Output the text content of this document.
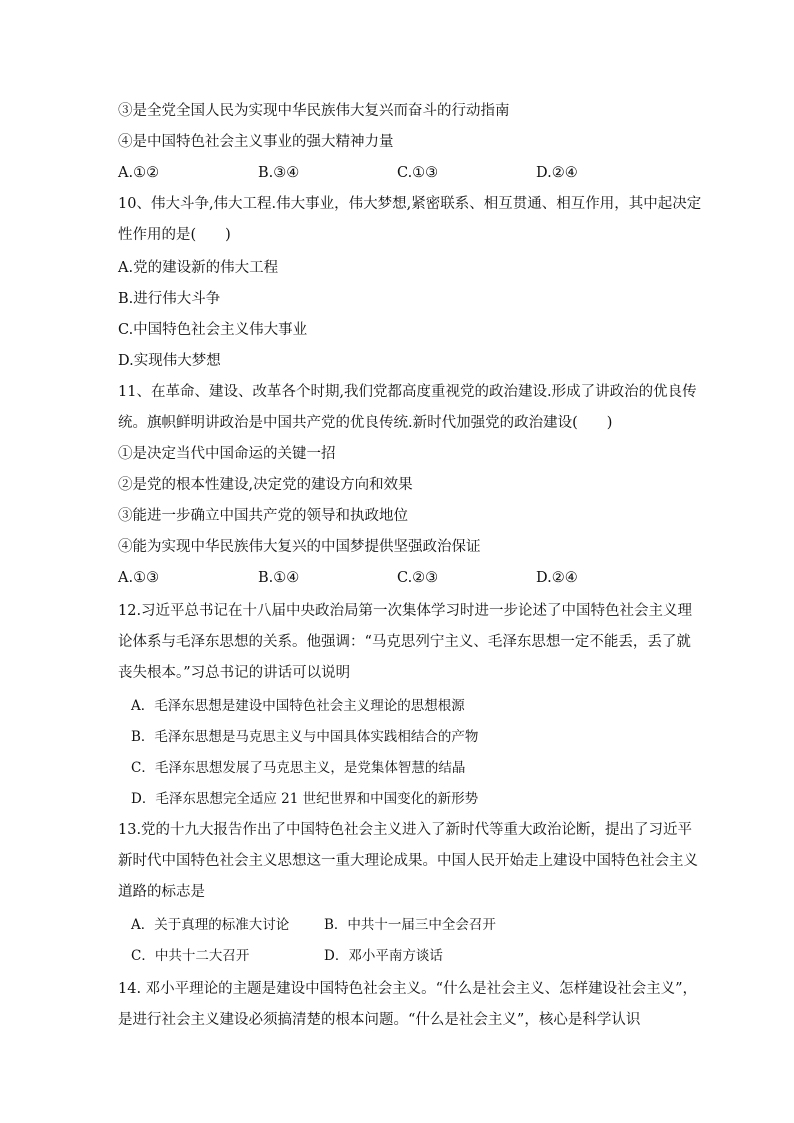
③是全党全国人民为实现中华民族伟大复兴而奋斗的行动指南
④是中国特色社会主义事业的强大精神力量
A.①②	B.③④	C.①③	D.②④
10、伟大斗争,伟大工程.伟大事业，伟大梦想,紧密联系、相互贯通、相互作用，其中起决定
性作用的是(　　)
A.党的建设新的伟大工程
B.进行伟大斗争
C.中国特色社会主义伟大事业
D.实现伟大梦想
11、在革命、建设、改革各个时期,我们党都高度重视党的政治建设.形成了讲政治的优良传
统。旗帜鲜明讲政治是中国共产党的优良传统.新时代加强党的政治建设(　　)
①是决定当代中国命运的关键一招
②是党的根本性建设,决定党的建设方向和效果
③能进一步确立中国共产党的领导和执政地位
④能为实现中华民族伟大复兴的中国梦提供坚强政治保证
A.①③	B.①④	C.②③	D.②④
12.习近平总书记在十八届中央政治局第一次集体学习时进一步论述了中国特色社会主义理
论体系与毛泽东思想的关系。他强调：“马克思列宁主义、毛泽东思想一定不能丢，丢了就
丧失根本。”习总书记的讲话可以说明
A．毛泽东思想是建设中国特色社会主义理论的思想根源
B．毛泽东思想是马克思主义与中国具体实践相结合的产物
C．毛泽东思想发展了马克思主义，是党集体智慧的结晶
D．毛泽东思想完全适应 21 世纪世界和中国变化的新形势
13.党的十九大报告作出了中国特色社会主义进入了新时代等重大政治论断，提出了习近平
新时代中国特色社会主义思想这一重大理论成果。中国人民开始走上建设中国特色社会主义
道路的标志是
A．关于真理的标准大讨论	B．中共十一届三中全会召开
C．中共十二大召开	D．邓小平南方谈话
14. 邓小平理论的主题是建设中国特色社会主义。“什么是社会主义、怎样建设社会主义”，
是进行社会主义建设必须搞清楚的根本问题。“什么是社会主义”，核心是科学认识
